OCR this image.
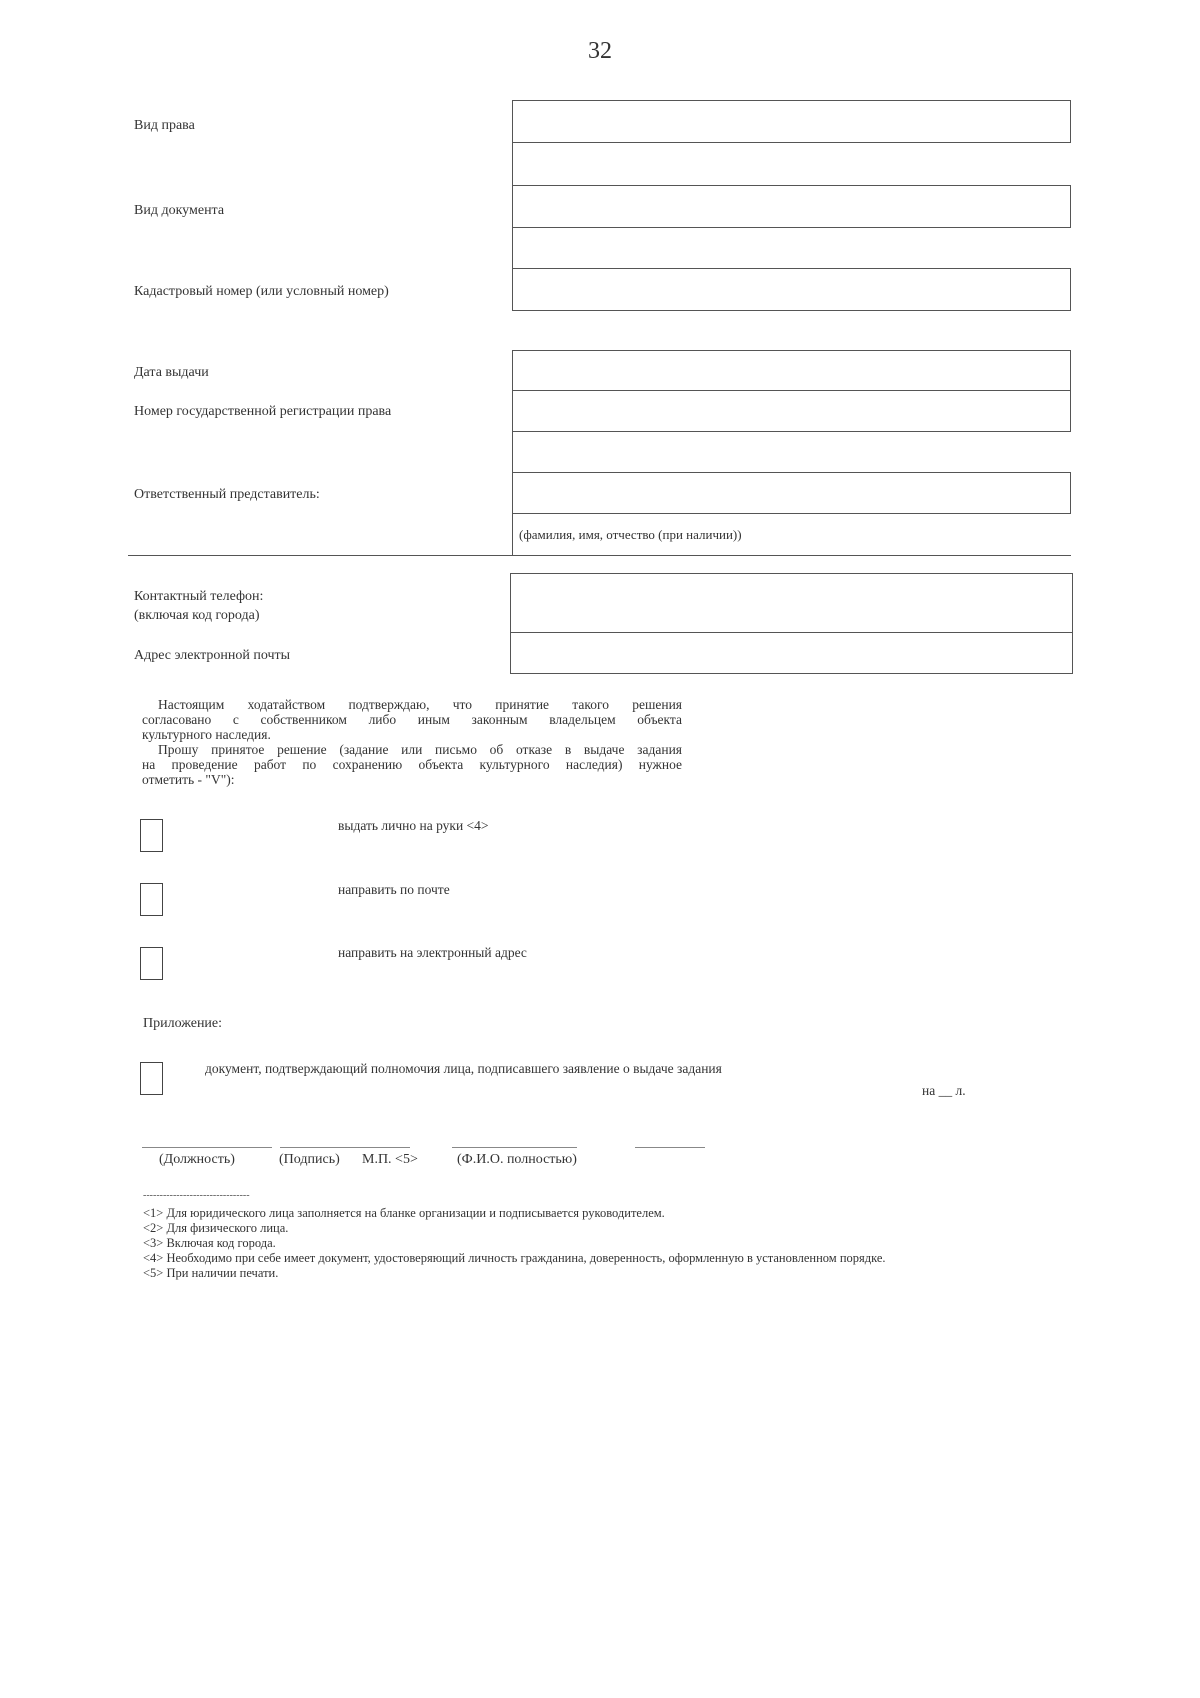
32
Вид права
Вид документа
Кадастровый номер (или условный номер)
Дата выдачи
Номер государственной регистрации права
Ответственный представитель:
(фамилия, имя, отчество (при наличии))
Контактный телефон:
(включая код города)
Адрес электронной почты

Настоящим ходатайством подтверждаю, что принятие такого решения

согласовано с собственником либо иным законным владельцем объекта

культурного наследия.

Прошу принятое решение (задание или письмо об отказе в выдаче задания

на проведение работ по сохранению объекта культурного наследия) нужное

отметить - "V"):

выдать лично на руки <4>
направить по почте
направить на электронный адрес
Приложение:
документ, подтверждающий полномочия лица, подписавшего заявление о выдаче задания
на __ л.
(Должность)	(Подпись) М.П. <5>	(Ф.И.О. полностью)
--------------------------------
<1> Для юридического лица заполняется на бланке организации и подписывается руководителем.
<2> Для физического лица.
<3> Включая код города.
<4> Необходимо при себе имеет документ, удостоверяющий личность гражданина, доверенность, оформленную в установленном порядке.
<5> При наличии печати.
